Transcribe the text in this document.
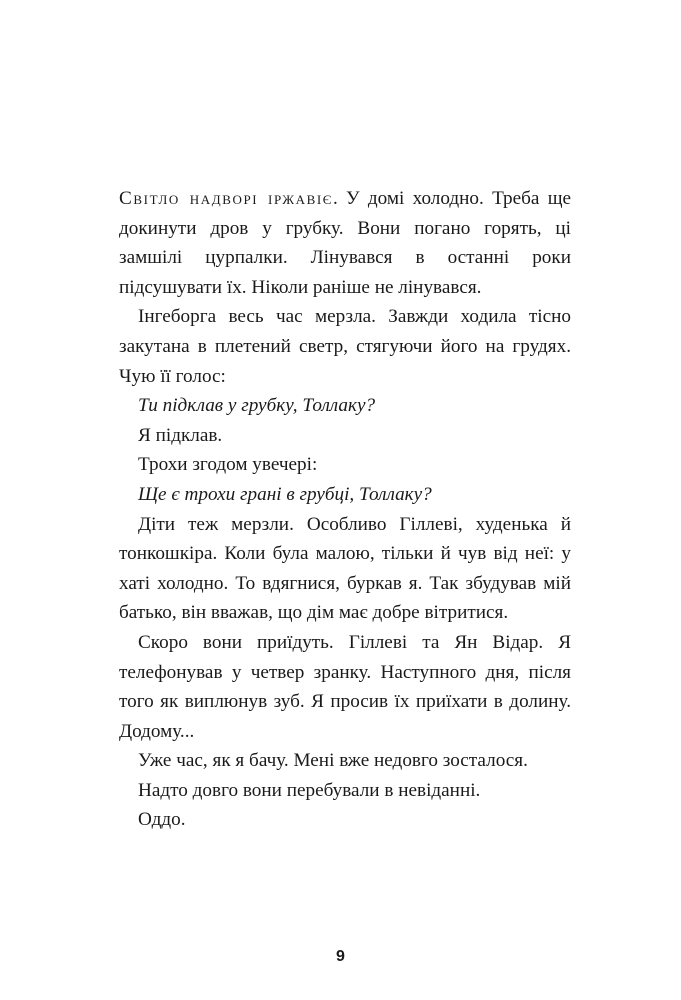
Світло надворі іржавіє. У домі холодно. Треба ще докинути дров у грубку. Вони погано горять, ці замшілі цурпалки. Лінувався в останні роки підсушувати їх. Ніколи раніше не лінувався.

Інгеборга весь час мерзла. Завжди ходила тісно закутана в плетений светр, стягуючи його на грудях. Чую її голос:

Ти підклав у грубку, Толлаку?

Я підклав.

Трохи згодом увечері:

Ще є трохи грані в грубці, Толлаку?

Діти теж мерзли. Особливо Гіллеві, худенька й тонкошкіра. Коли була малою, тільки й чув від неї: у хаті холодно. То вдягнися, буркав я. Так збудував мій батько, він вважав, що дім має добре вітритися.

Скоро вони приїдуть. Гіллеві та Ян Відар. Я телефонував у четвер зранку. Наступного дня, після того як виплюнув зуб. Я просив їх приїхати в долину. Додому...

Уже час, як я бачу. Мені вже недовго зосталося.

Надто довго вони перебували в невіданні.

Оддо.

9
